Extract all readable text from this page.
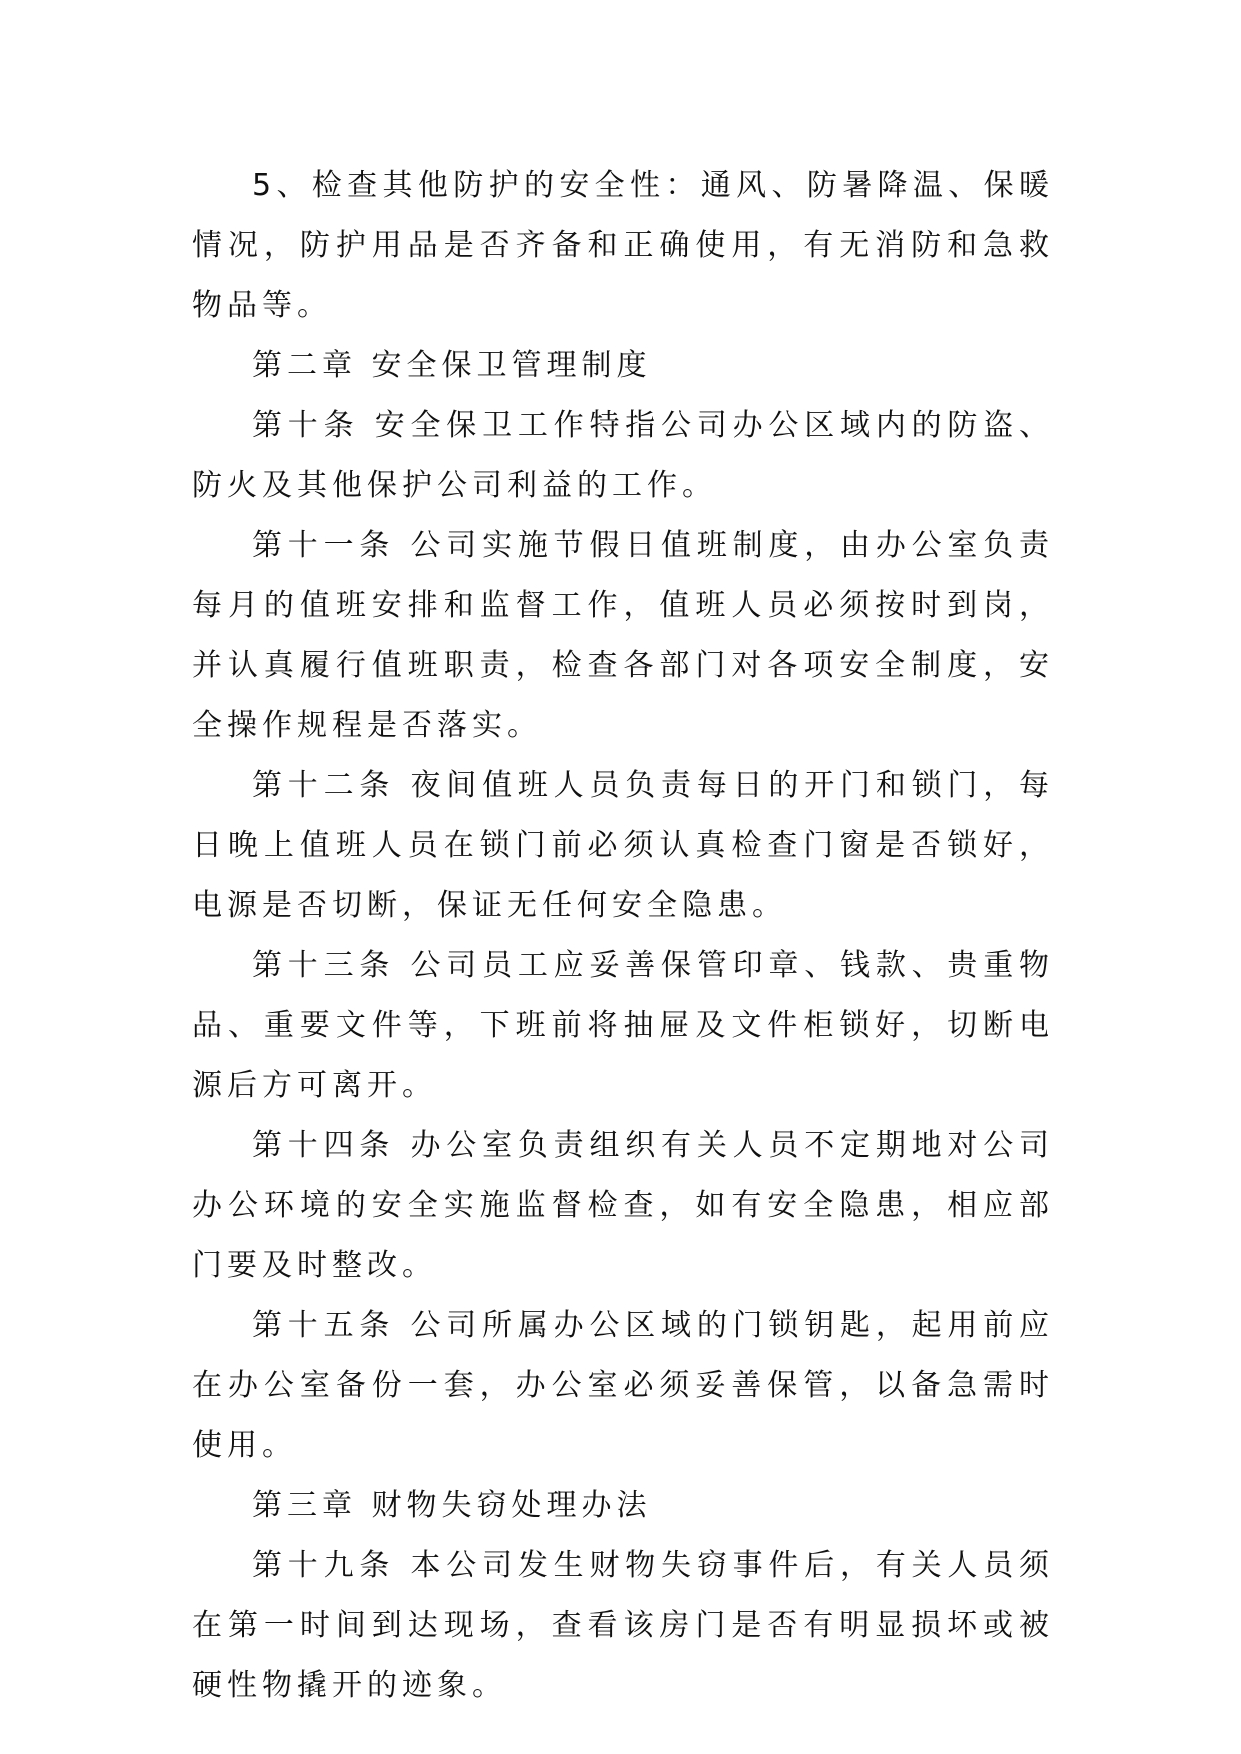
5、检查其他防护的安全性：通风、防暑降温、保暖情况，防护用品是否齐备和正确使用，有无消防和急救物品等。

第二章 安全保卫管理制度

第十条 安全保卫工作特指公司办公区域内的防盗、防火及其他保护公司利益的工作。

第十一条 公司实施节假日值班制度，由办公室负责每月的值班安排和监督工作，值班人员必须按时到岗，并认真履行值班职责，检查各部门对各项安全制度，安全操作规程是否落实。

第十二条 夜间值班人员负责每日的开门和锁门，每日晚上值班人员在锁门前必须认真检查门窗是否锁好，电源是否切断，保证无任何安全隐患。

第十三条 公司员工应妥善保管印章、钱款、贵重物品、重要文件等，下班前将抽屉及文件柜锁好，切断电源后方可离开。

第十四条 办公室负责组织有关人员不定期地对公司办公环境的安全实施监督检查，如有安全隐患，相应部门要及时整改。

第十五条 公司所属办公区域的门锁钥匙，起用前应在办公室备份一套，办公室必须妥善保管，以备急需时使用。

第三章 财物失窃处理办法

第十九条 本公司发生财物失窃事件后，有关人员须在第一时间到达现场，查看该房门是否有明显损坏或被硬性物撬开的迹象。
